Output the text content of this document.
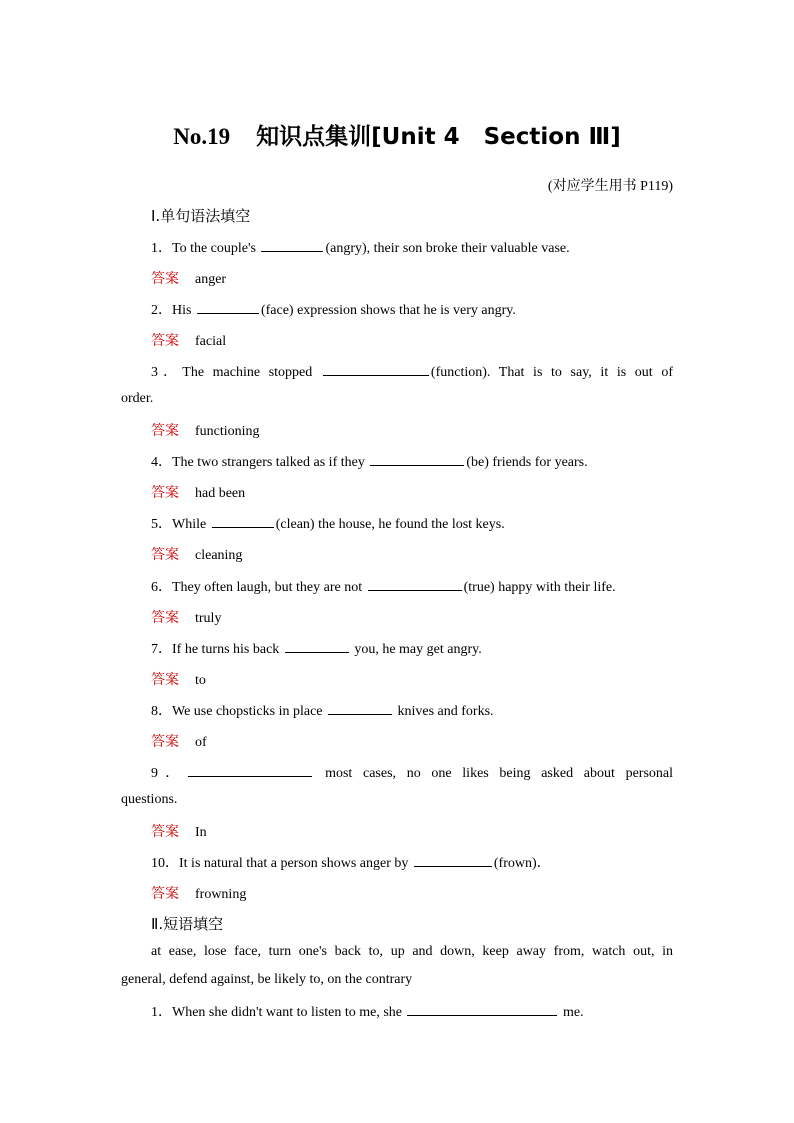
No.19 知识点集训[Unit 4   Section Ⅲ]
(对应学生用书 P119)
Ⅰ.单句语法填空
1．To the couple's	(angry), their son broke their valuable vase.
答案 anger
2．His	(face) expression shows that he is very angry.
答案 facial
3．The machine stopped	(function). That is to say, it is out of
order.
答案 functioning
4．The two strangers talked as if they	(be) friends for years.
答案 had been
5．While	(clean) the house, he found the lost keys.
答案 cleaning
6．They often laugh, but they are not	(true) happy with their life.
答案 truly
7．If he turns his back	you, he may get angry.
答案 to
8．We use chopsticks in place	knives and forks.
答案 of
9．	most cases, no one likes being asked about personal
questions.
答案 In
10．It is natural that a person shows anger by	(frown)．
答案 frowning
Ⅱ.短语填空
at ease, lose face, turn one's back to, up and down, keep away from, watch out, in
general, defend against, be likely to, on the contrary
1．When she didn't want to listen to me, she	me.
